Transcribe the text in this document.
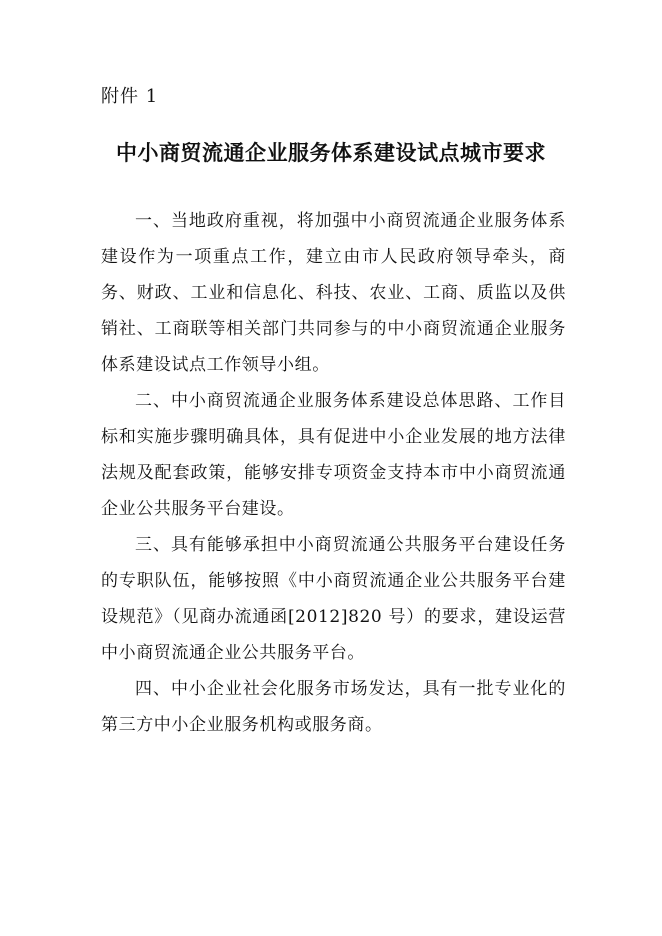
附件 1
中小商贸流通企业服务体系建设试点城市要求

一、当地政府重视，将加强中小商贸流通企业服务体系建设作为一项重点工作，建立由市人民政府领导牵头，商务、财政、工业和信息化、科技、农业、工商、质监以及供销社、工商联等相关部门共同参与的中小商贸流通企业服务体系建设试点工作领导小组。

二、中小商贸流通企业服务体系建设总体思路、工作目标和实施步骤明确具体，具有促进中小企业发展的地方法律法规及配套政策，能够安排专项资金支持本市中小商贸流通企业公共服务平台建设。

三、具有能够承担中小商贸流通公共服务平台建设任务的专职队伍，能够按照《中小商贸流通企业公共服务平台建设规范》（见商办流通函[2012]820 号）的要求，建设运营中小商贸流通企业公共服务平台。

四、中小企业社会化服务市场发达，具有一批专业化的第三方中小企业服务机构或服务商。
